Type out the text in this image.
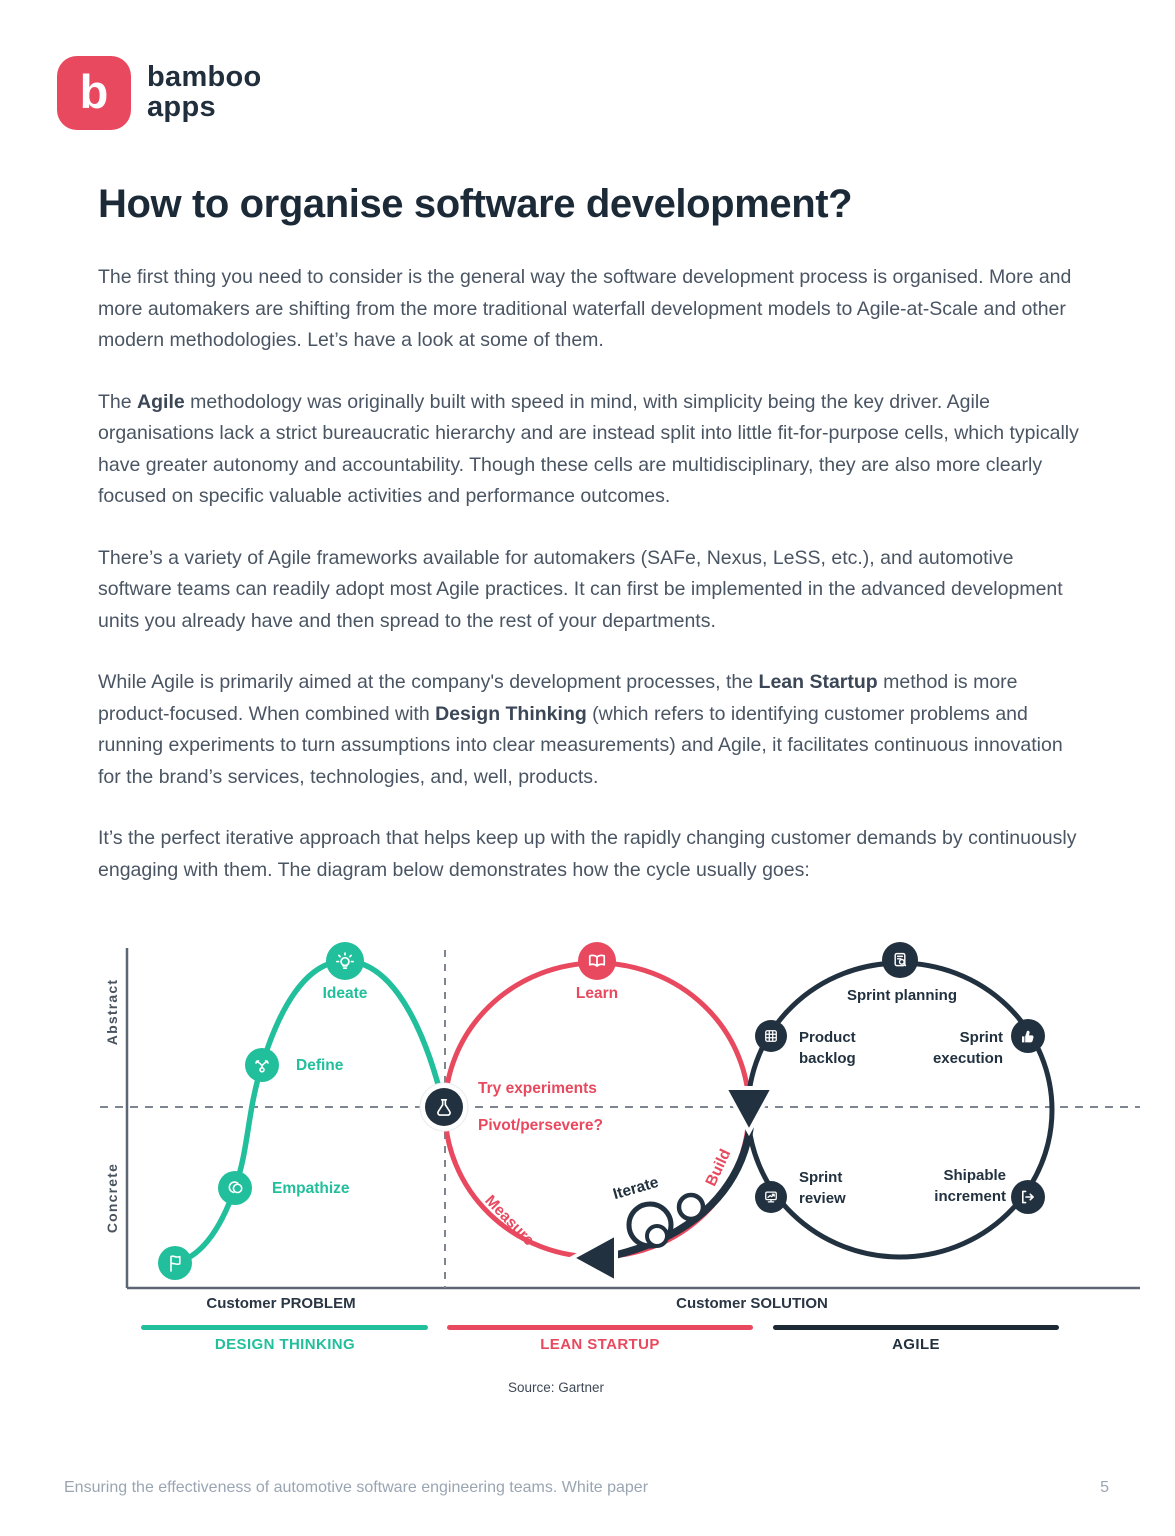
b bamboo
apps
How to organise software development?

The first thing you need to consider is the general way the software development process is organised. More and more automakers are shifting from the more traditional waterfall development models to Agile-at-Scale and other modern methodologies. Let’s have a look at some of them.

The Agile methodology was originally built with speed in mind, with simplicity being the key driver. Agile organisations lack a strict bureaucratic hierarchy and are instead split into little fit-for-purpose cells, which typically have greater autonomy and accountability. Though these cells are multidisciplinary, they are also more clearly focused on specific valuable activities and performance outcomes.

There’s a variety of Agile frameworks available for automakers (SAFe, Nexus, LeSS, etc.), and automotive software teams can readily adopt most Agile practices. It can first be implemented in the advanced development units you already have and then spread to the rest of your departments.

While Agile is primarily aimed at the company's development processes, the Lean Startup method is more product-focused. When combined with Design Thinking (which refers to identifying customer problems and running experiments to turn assumptions into clear measurements) and Agile, it facilitates continuous innovation for the brand’s services, technologies, and, well, products.

It’s the perfect iterative approach that helps keep up with the rapidly changing customer demands by continuously engaging with them. The diagram below demonstrates how the cycle usually goes:

Abstract
Concrete
Ideate
Define
Empathize
Learn
Try experiments
Pivot/persevere?
Measure
Build
Iterate
Sprint planning
Product
backlog
Sprint
execution
Sprint
review
Shipable
increment
Customer PROBLEM	Customer SOLUTION
DESIGN THINKING	LEAN STARTUP	AGILE
Source: Gartner
Ensuring the effectiveness of automotive software engineering teams. White paper	5
